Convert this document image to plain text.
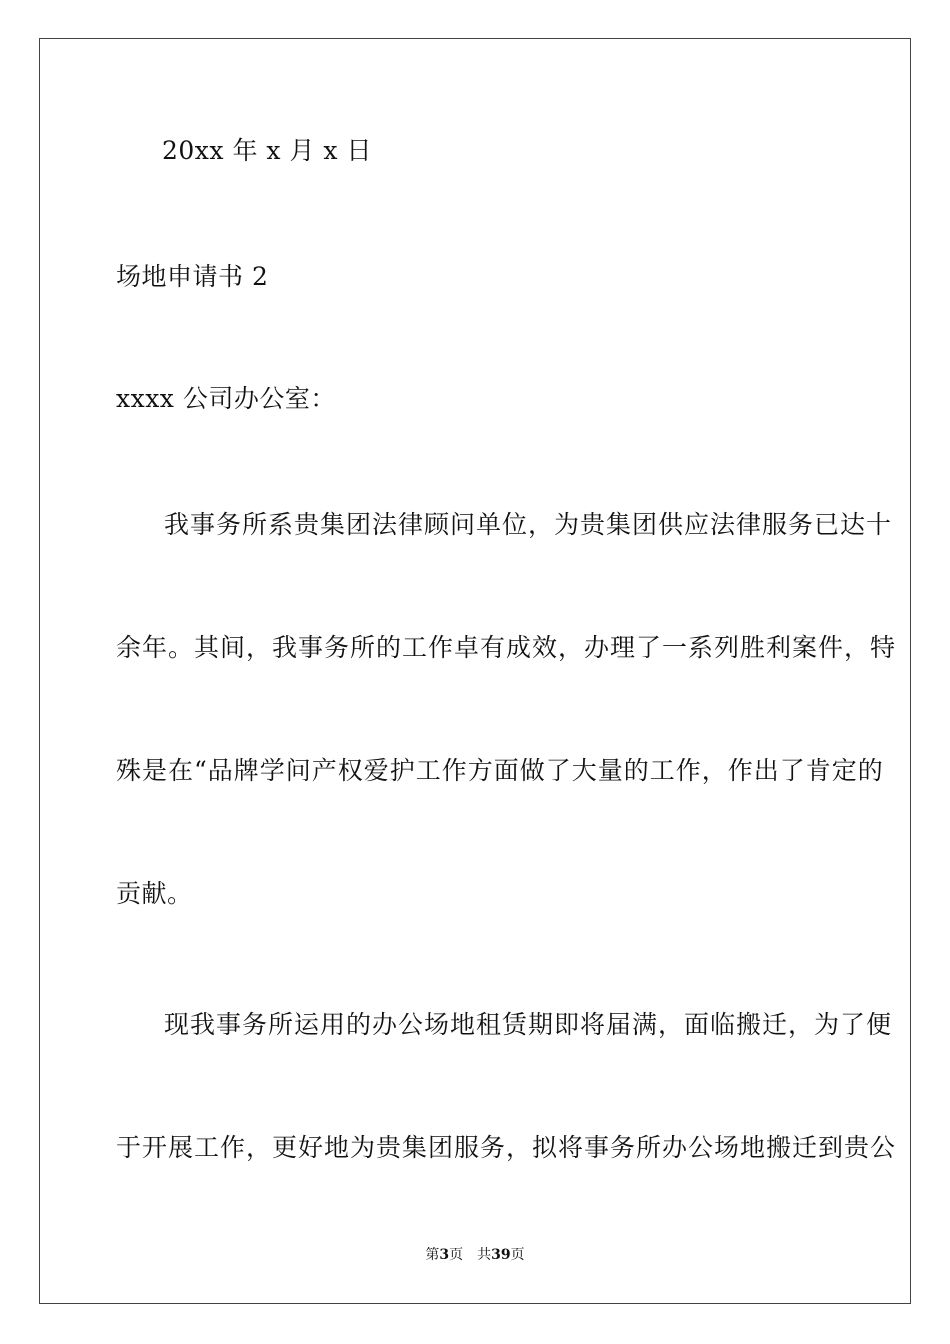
20xx 年 x 月 x 日
场地申请书 2
xxxx 公司办公室：
我事务所系贵集团法律顾问单位，为贵集团供应法律服务已达十
余年。其间，我事务所的工作卓有成效，办理了一系列胜利案件，特
殊是在“品牌学问产权爱护工作方面做了大量的工作，作出了肯定的
贡献。
现我事务所运用的办公场地租赁期即将届满，面临搬迁，为了便
于开展工作，更好地为贵集团服务，拟将事务所办公场地搬迁到贵公
第3页 共39页
